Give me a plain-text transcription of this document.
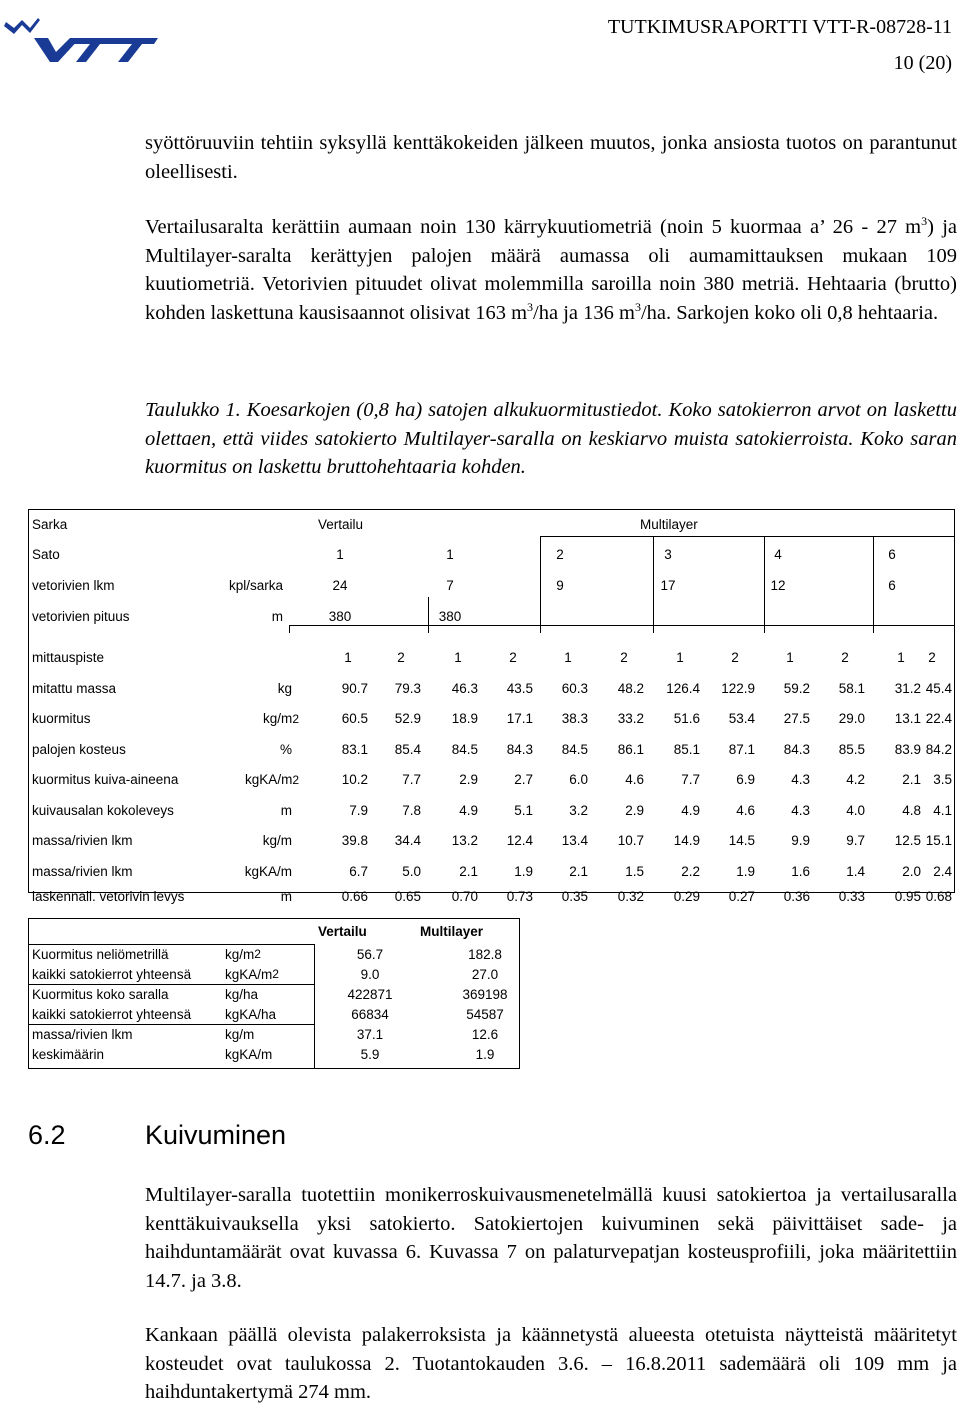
TUTKIMUSRAPORTTI VTT-R-08728-11
10 (20)

syöttöruuviin tehtiin syksyllä kenttäkokeiden jälkeen muutos, jonka ansiosta tuotos on parantunut oleellisesti.

Vertailusaralta kerättiin aumaan noin 130 kärrykuutiometriä (noin 5 kuormaa a’ 26 - 27 $m^3$) ja Multilayer-saralta kerättyjen palojen määrä aumassa oli aumamittauksen mukaan 109 kuutiometriä. Vetorivien pituudet olivat molemmilla saroilla noin 380 metriä. Hehtaaria (brutto) kohden laskettuna kausisaannot olisivat 163 $m^3/ha$ ja 136 $m^3/ha$. Sarkojen koko oli 0,8 hehtaaria.

Taulukko 1. Koesarkojen (0,8 ha) satojen alkukuormitustiedot. Koko satokierron arvot on laskettu olettaen, että viides satokierto Multilayer-saralla on keskiarvo muista satokierroista. Koko saran kuormitus on laskettu bruttohehtaaria kohden.

Sarka	Vertailu	Multilayer
Sato	1	1	2	3	4	6
vetorivien lkm	kpl/sarka	24	7	9	17	12	6
vetorivien pituus	m	380	380
mittauspiste	1	2	1	2	1	2	1	2	1	2	1	2
mitattu massa	kg	90.7	79.3	46.3	43.5	60.3	48.2	126.4	122.9	59.2	58.1	31.2 45.4
kuormitus	kg/m 2	60.5	52.9	18.9	17.1	38.3	33.2	51.6	53.4	27.5	29.0	13.1 22.4
palojen kosteus	%	83.1	85.4	84.5	84.3	84.5	86.1	85.1	87.1	84.3	85.5	83.9 84.2
kuormitus kuiva-aineena	kgKA/m 2	10.2	7.7	2.9	2.7	6.0	4.6	7.7	6.9	4.3	4.2	2.1 3.5
kuivausalan kokoleveys	m	7.9	7.8	4.9	5.1	3.2	2.9	4.9	4.6	4.3	4.0	4.8 4.1
massa/rivien lkm	kg/m	39.8	34.4	13.2	12.4	13.4	10.7	14.9	14.5	9.9	9.7	12.5 15.1
massa/rivien lkm	kgKA/m	6.7	5.0	2.1	1.9	2.1	1.5	2.2	1.9	1.6	1.4	2.0 2.4
laskennall. vetorivin levys	m	0.66	0.65	0.70	0.73	0.35	0.32	0.29	0.27	0.36	0.33	0.95 0.68
Vertailu	Multilayer
Kuormitus neliömetrillä	kg/m 2	56.7	182.8
kaikki satokierrot yhteensä	kgKA/m 2	9.0	27.0
Kuormitus koko saralla	kg/ha	422871	369198
kaikki satokierrot yhteensä	kgKA/ha	66834	54587
massa/rivien lkm	kg/m	37.1	12.6
keskimäärin	kgKA/m	5.9	1.9
6.2	Kuivuminen

Multilayer-saralla tuotettiin monikerroskuivausmenetelmällä kuusi satokiertoa ja vertailusaralla kenttäkuivauksella yksi satokierto. Satokiertojen kuivuminen sekä päivittäiset sade- ja haihduntamäärät ovat kuvassa 6. Kuvassa 7 on palaturvepatjan kosteusprofiili, joka määritettiin 14.7. ja 3.8.

Kankaan päällä olevista palakerroksista ja käännetystä alueesta otetuista näytteistä määritetyt kosteudet ovat taulukossa 2. Tuotantokauden 3.6. – 16.8.2011 sademäärä oli 109 mm ja haihduntakertymä 274 mm.
